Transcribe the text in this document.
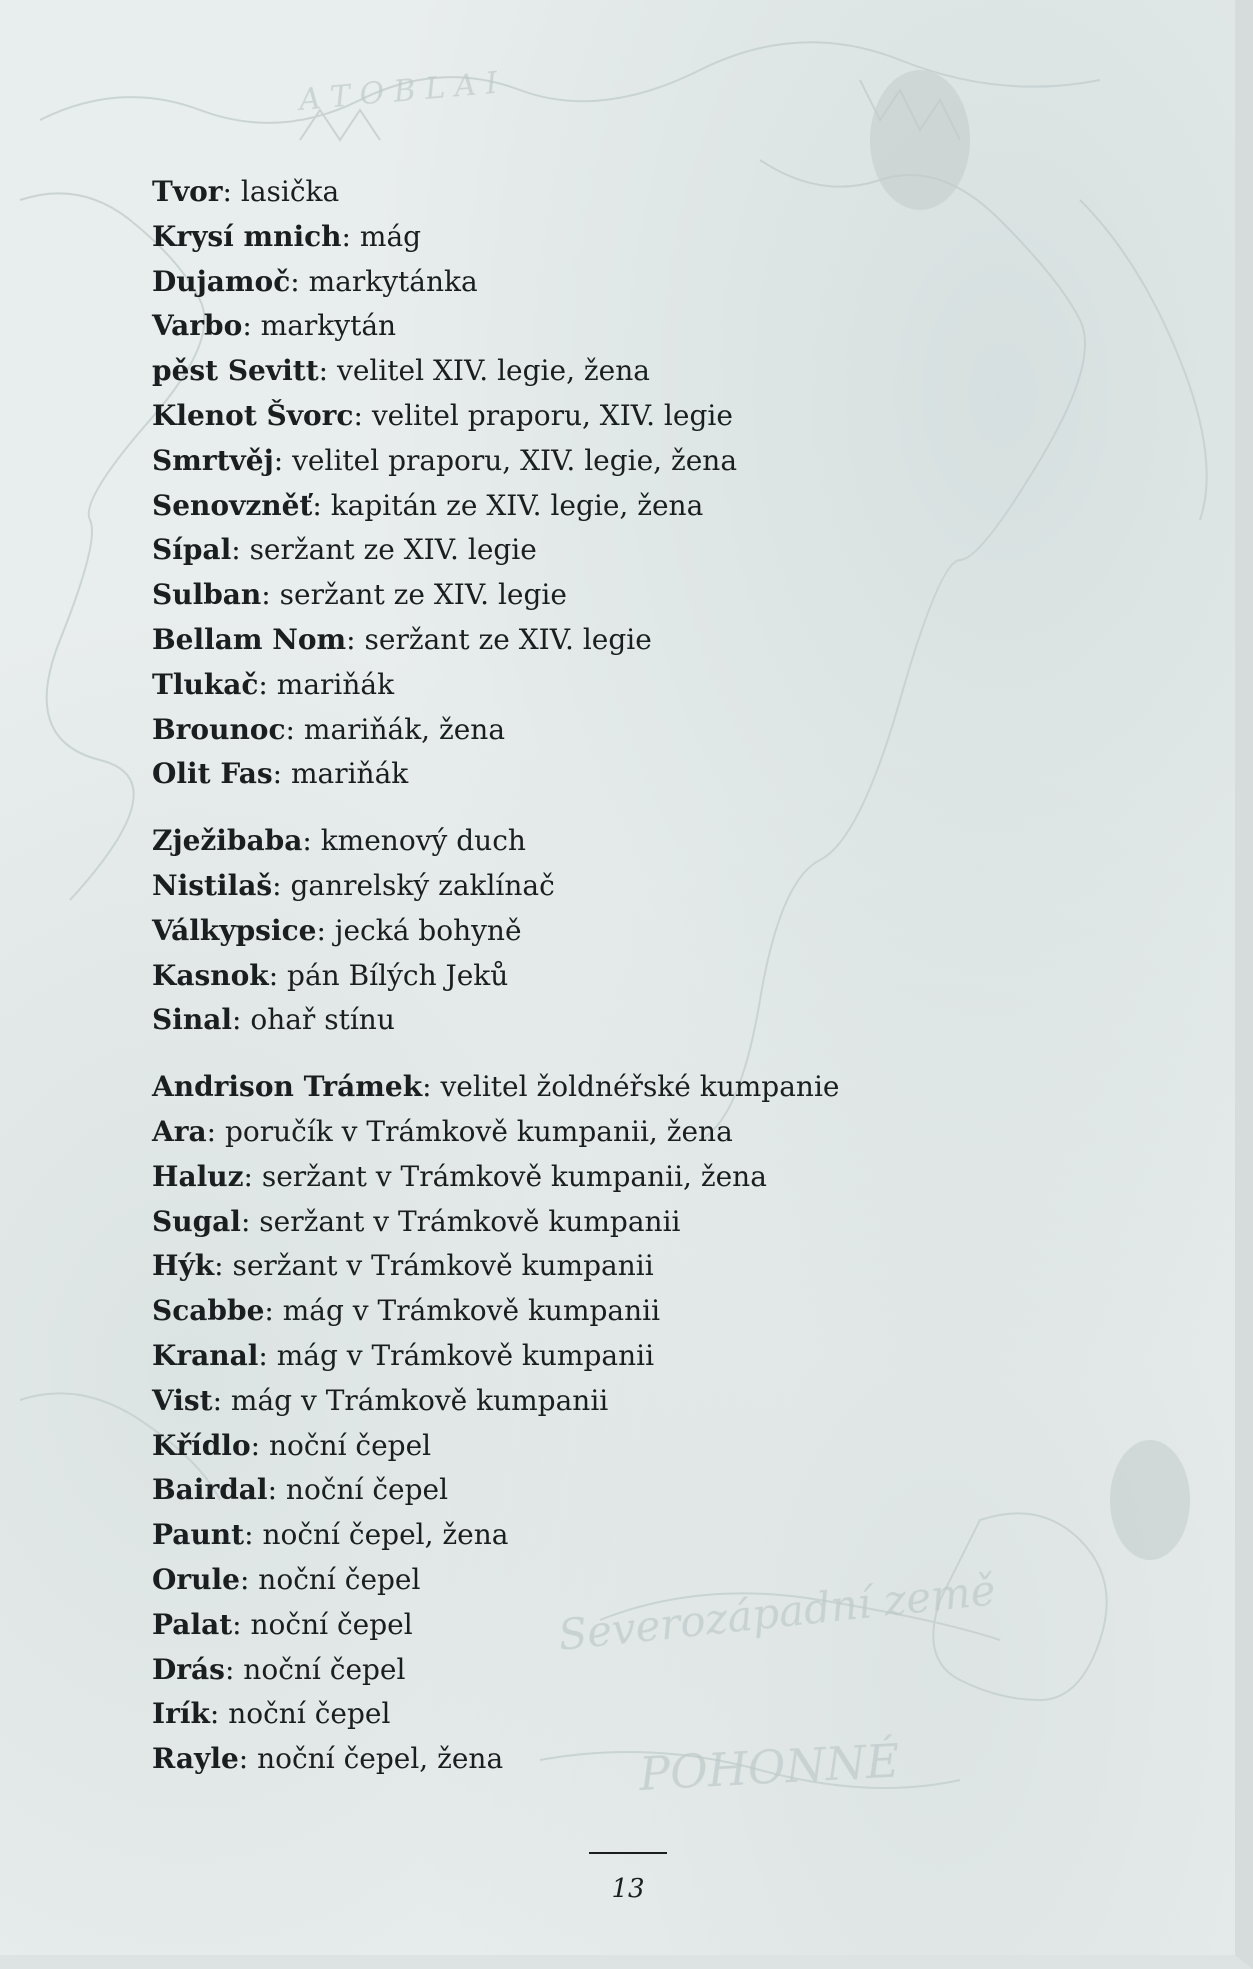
A T O B L A I
Severozápadní země
POHONNÉ
Tvor: lasička
Krysí mnich: mág
Dujamoč: markytánka
Varbo: markytán
pěst Sevitt: velitel XIV. legie, žena
Klenot Švorc: velitel praporu, XIV. legie
Smrtvěj: velitel praporu, XIV. legie, žena
Senovzněť: kapitán ze XIV. legie, žena
Sípal: seržant ze XIV. legie
Sulban: seržant ze XIV. legie
Bellam Nom: seržant ze XIV. legie
Tlukač: mariňák
Brounoc: mariňák, žena
Olit Fas: mariňák
Zježibaba: kmenový duch
Nistilaš: ganrelský zaklínač
Válkypsice: jecká bohyně
Kasnok: pán Bílých Jeků
Sinal: ohař stínu
Andrison Trámek: velitel žoldnéřské kumpanie
Ara: poručík v Trámkově kumpanii, žena
Haluz: seržant v Trámkově kumpanii, žena
Sugal: seržant v Trámkově kumpanii
Hýk: seržant v Trámkově kumpanii
Scabbe: mág v Trámkově kumpanii
Kranal: mág v Trámkově kumpanii
Vist: mág v Trámkově kumpanii
Křídlo: noční čepel
Bairdal: noční čepel
Paunt: noční čepel, žena
Orule: noční čepel
Palat: noční čepel
Drás: noční čepel
Irík: noční čepel
Rayle: noční čepel, žena
13
